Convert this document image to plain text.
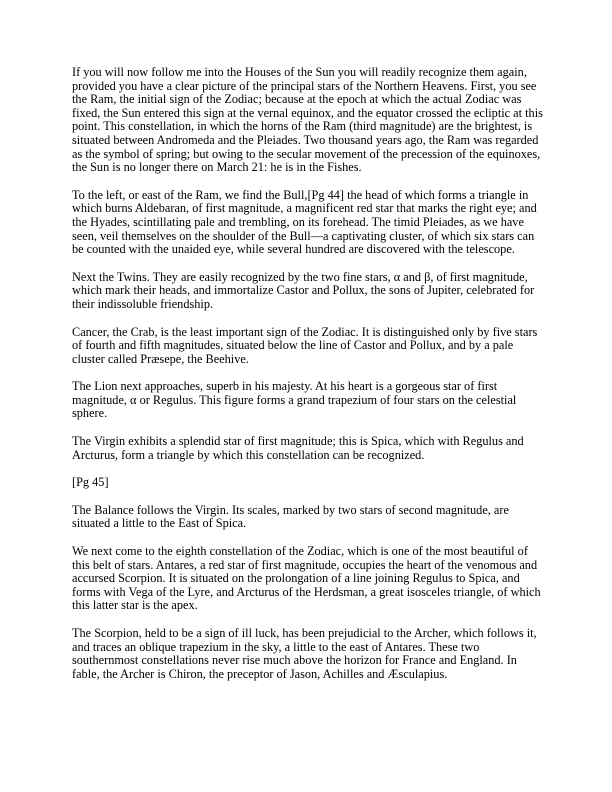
If you will now follow me into the Houses of the Sun you will readily recognize them again, provided you have a clear picture of the principal stars of the Northern Heavens. First, you see the Ram, the initial sign of the Zodiac; because at the epoch at which the actual Zodiac was fixed, the Sun entered this sign at the vernal equinox, and the equator crossed the ecliptic at this point. This constellation, in which the horns of the Ram (third magnitude) are the brightest, is situated between Andromeda and the Pleiades. Two thousand years ago, the Ram was regarded as the symbol of spring; but owing to the secular movement of the precession of the equinoxes, the Sun is no longer there on March 21: he is in the Fishes.

To the left, or east of the Ram, we find the Bull,[Pg 44] the head of which forms a triangle in which burns Aldebaran, of first magnitude, a magnificent red star that marks the right eye; and the Hyades, scintillating pale and trembling, on its forehead. The timid Pleiades, as we have seen, veil themselves on the shoulder of the Bull—a captivating cluster, of which six stars can be counted with the unaided eye, while several hundred are discovered with the telescope.

Next the Twins. They are easily recognized by the two fine stars, α and β, of first magnitude, which mark their heads, and immortalize Castor and Pollux, the sons of Jupiter, celebrated for their indissoluble friendship.

Cancer, the Crab, is the least important sign of the Zodiac. It is distinguished only by five stars of fourth and fifth magnitudes, situated below the line of Castor and Pollux, and by a pale cluster called Præsepe, the Beehive.

The Lion next approaches, superb in his majesty. At his heart is a gorgeous star of first magnitude, α or Regulus. This figure forms a grand trapezium of four stars on the celestial sphere.

The Virgin exhibits a splendid star of first magnitude; this is Spica, which with Regulus and Arcturus, form a triangle by which this constellation can be recognized.

[Pg 45]

The Balance follows the Virgin. Its scales, marked by two stars of second magnitude, are situated a little to the East of Spica.

We next come to the eighth constellation of the Zodiac, which is one of the most beautiful of this belt of stars. Antares, a red star of first magnitude, occupies the heart of the venomous and accursed Scorpion. It is situated on the prolongation of a line joining Regulus to Spica, and forms with Vega of the Lyre, and Arcturus of the Herdsman, a great isosceles triangle, of which this latter star is the apex.

The Scorpion, held to be a sign of ill luck, has been prejudicial to the Archer, which follows it, and traces an oblique trapezium in the sky, a little to the east of Antares. These two southernmost constellations never rise much above the horizon for France and England. In fable, the Archer is Chiron, the preceptor of Jason, Achilles and Æsculapius.
